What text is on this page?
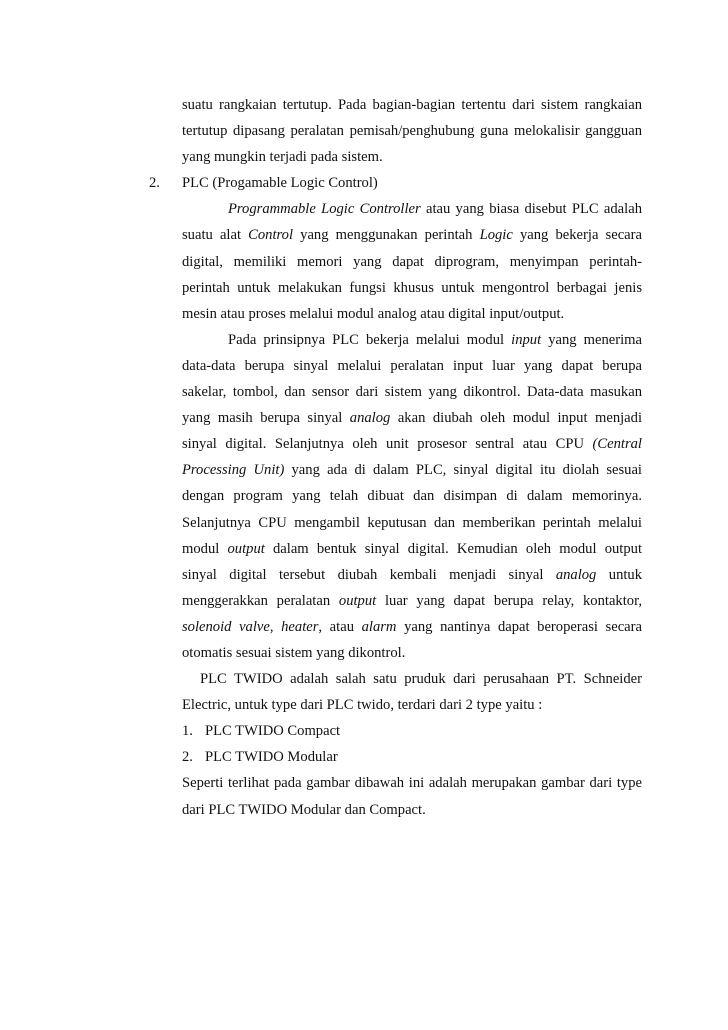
suatu rangkaian tertutup. Pada bagian-bagian tertentu dari sistem rangkaian
tertutup dipasang peralatan pemisah/penghubung guna melokalisir gangguan
yang mungkin terjadi pada sistem.
2. PLC (Progamable Logic Control)
Programmable Logic Controller atau yang biasa disebut PLC adalah
suatu alat Control yang menggunakan perintah Logic yang bekerja secara
digital, memiliki memori yang dapat diprogram, menyimpan perintah-
perintah untuk melakukan fungsi khusus untuk mengontrol berbagai jenis
mesin atau proses melalui modul analog atau digital input/output.
Pada prinsipnya PLC bekerja melalui modul input yang menerima
data-data berupa sinyal melalui peralatan input luar yang dapat berupa
sakelar, tombol, dan sensor dari sistem yang dikontrol. Data-data masukan
yang masih berupa sinyal analog akan diubah oleh modul input menjadi
sinyal digital. Selanjutnya oleh unit prosesor sentral atau CPU (Central
Processing Unit) yang ada di dalam PLC, sinyal digital itu diolah sesuai
dengan program yang telah dibuat dan disimpan di dalam memorinya.
Selanjutnya CPU mengambil keputusan dan memberikan perintah melalui
modul output dalam bentuk sinyal digital. Kemudian oleh modul output
sinyal digital tersebut diubah kembali menjadi sinyal analog untuk
menggerakkan peralatan output luar yang dapat berupa relay, kontaktor,
solenoid valve, heater, atau alarm yang nantinya dapat beroperasi secara
otomatis sesuai sistem yang dikontrol.
PLC TWIDO adalah salah satu pruduk dari perusahaan PT. Schneider
Electric, untuk type dari PLC twido, terdari dari 2 type yaitu :
1. PLC TWIDO Compact
2. PLC TWIDO Modular
Seperti terlihat pada gambar dibawah ini adalah merupakan gambar dari type
dari PLC TWIDO Modular dan Compact.
